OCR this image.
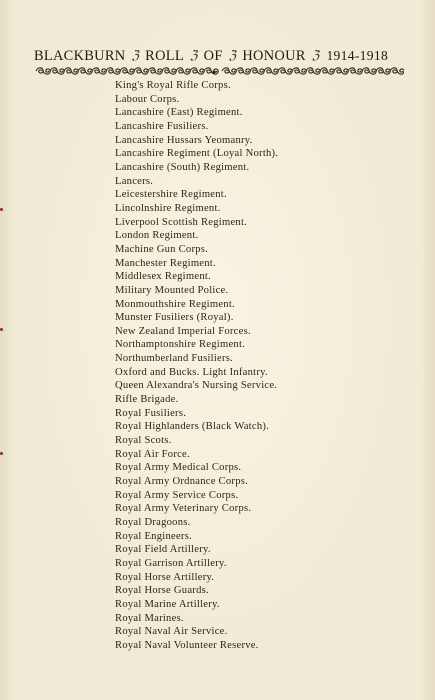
BLACKBURN ℨ ROLL ℨ OF ℨ HONOUR ℨ 1914-1918
King's Royal Rifle Corps.
Labour Corps.
Lancashire (East) Regiment.
Lancashire Fusiliers.
Lancashire Hussars Yeomanry.
Lancashire Regiment (Loyal North).
Lancashire (South) Regiment.
Lancers.
Leicestershire Regiment.
Lincolnshire Regiment.
Liverpool Scottish Regiment.
London Regiment.
Machine Gun Corps.
Manchester Regiment.
Middlesex Regiment.
Military Mounted Police.
Monmouthshire Regiment.
Munster Fusiliers (Royal).
New Zealand Imperial Forces.
Northamptonshire Regiment.
Northumberland Fusiliers.
Oxford and Bucks. Light Infantry.
Queen Alexandra's Nursing Service.
Rifle Brigade.
Royal Fusiliers.
Royal Highlanders (Black Watch).
Royal Scots.
Royal Air Force.
Royal Army Medical Corps.
Royal Army Ordnance Corps.
Royal Army Service Corps.
Royal Army Veterinary Corps.
Royal Dragoons.
Royal Engineers.
Royal Field Artillery.
Royal Garrison Artillery.
Royal Horse Artillery.
Royal Horse Guards.
Royal Marine Artillery.
Royal Marines.
Royal Naval Air Service.
Royal Naval Volunteer Reserve.
